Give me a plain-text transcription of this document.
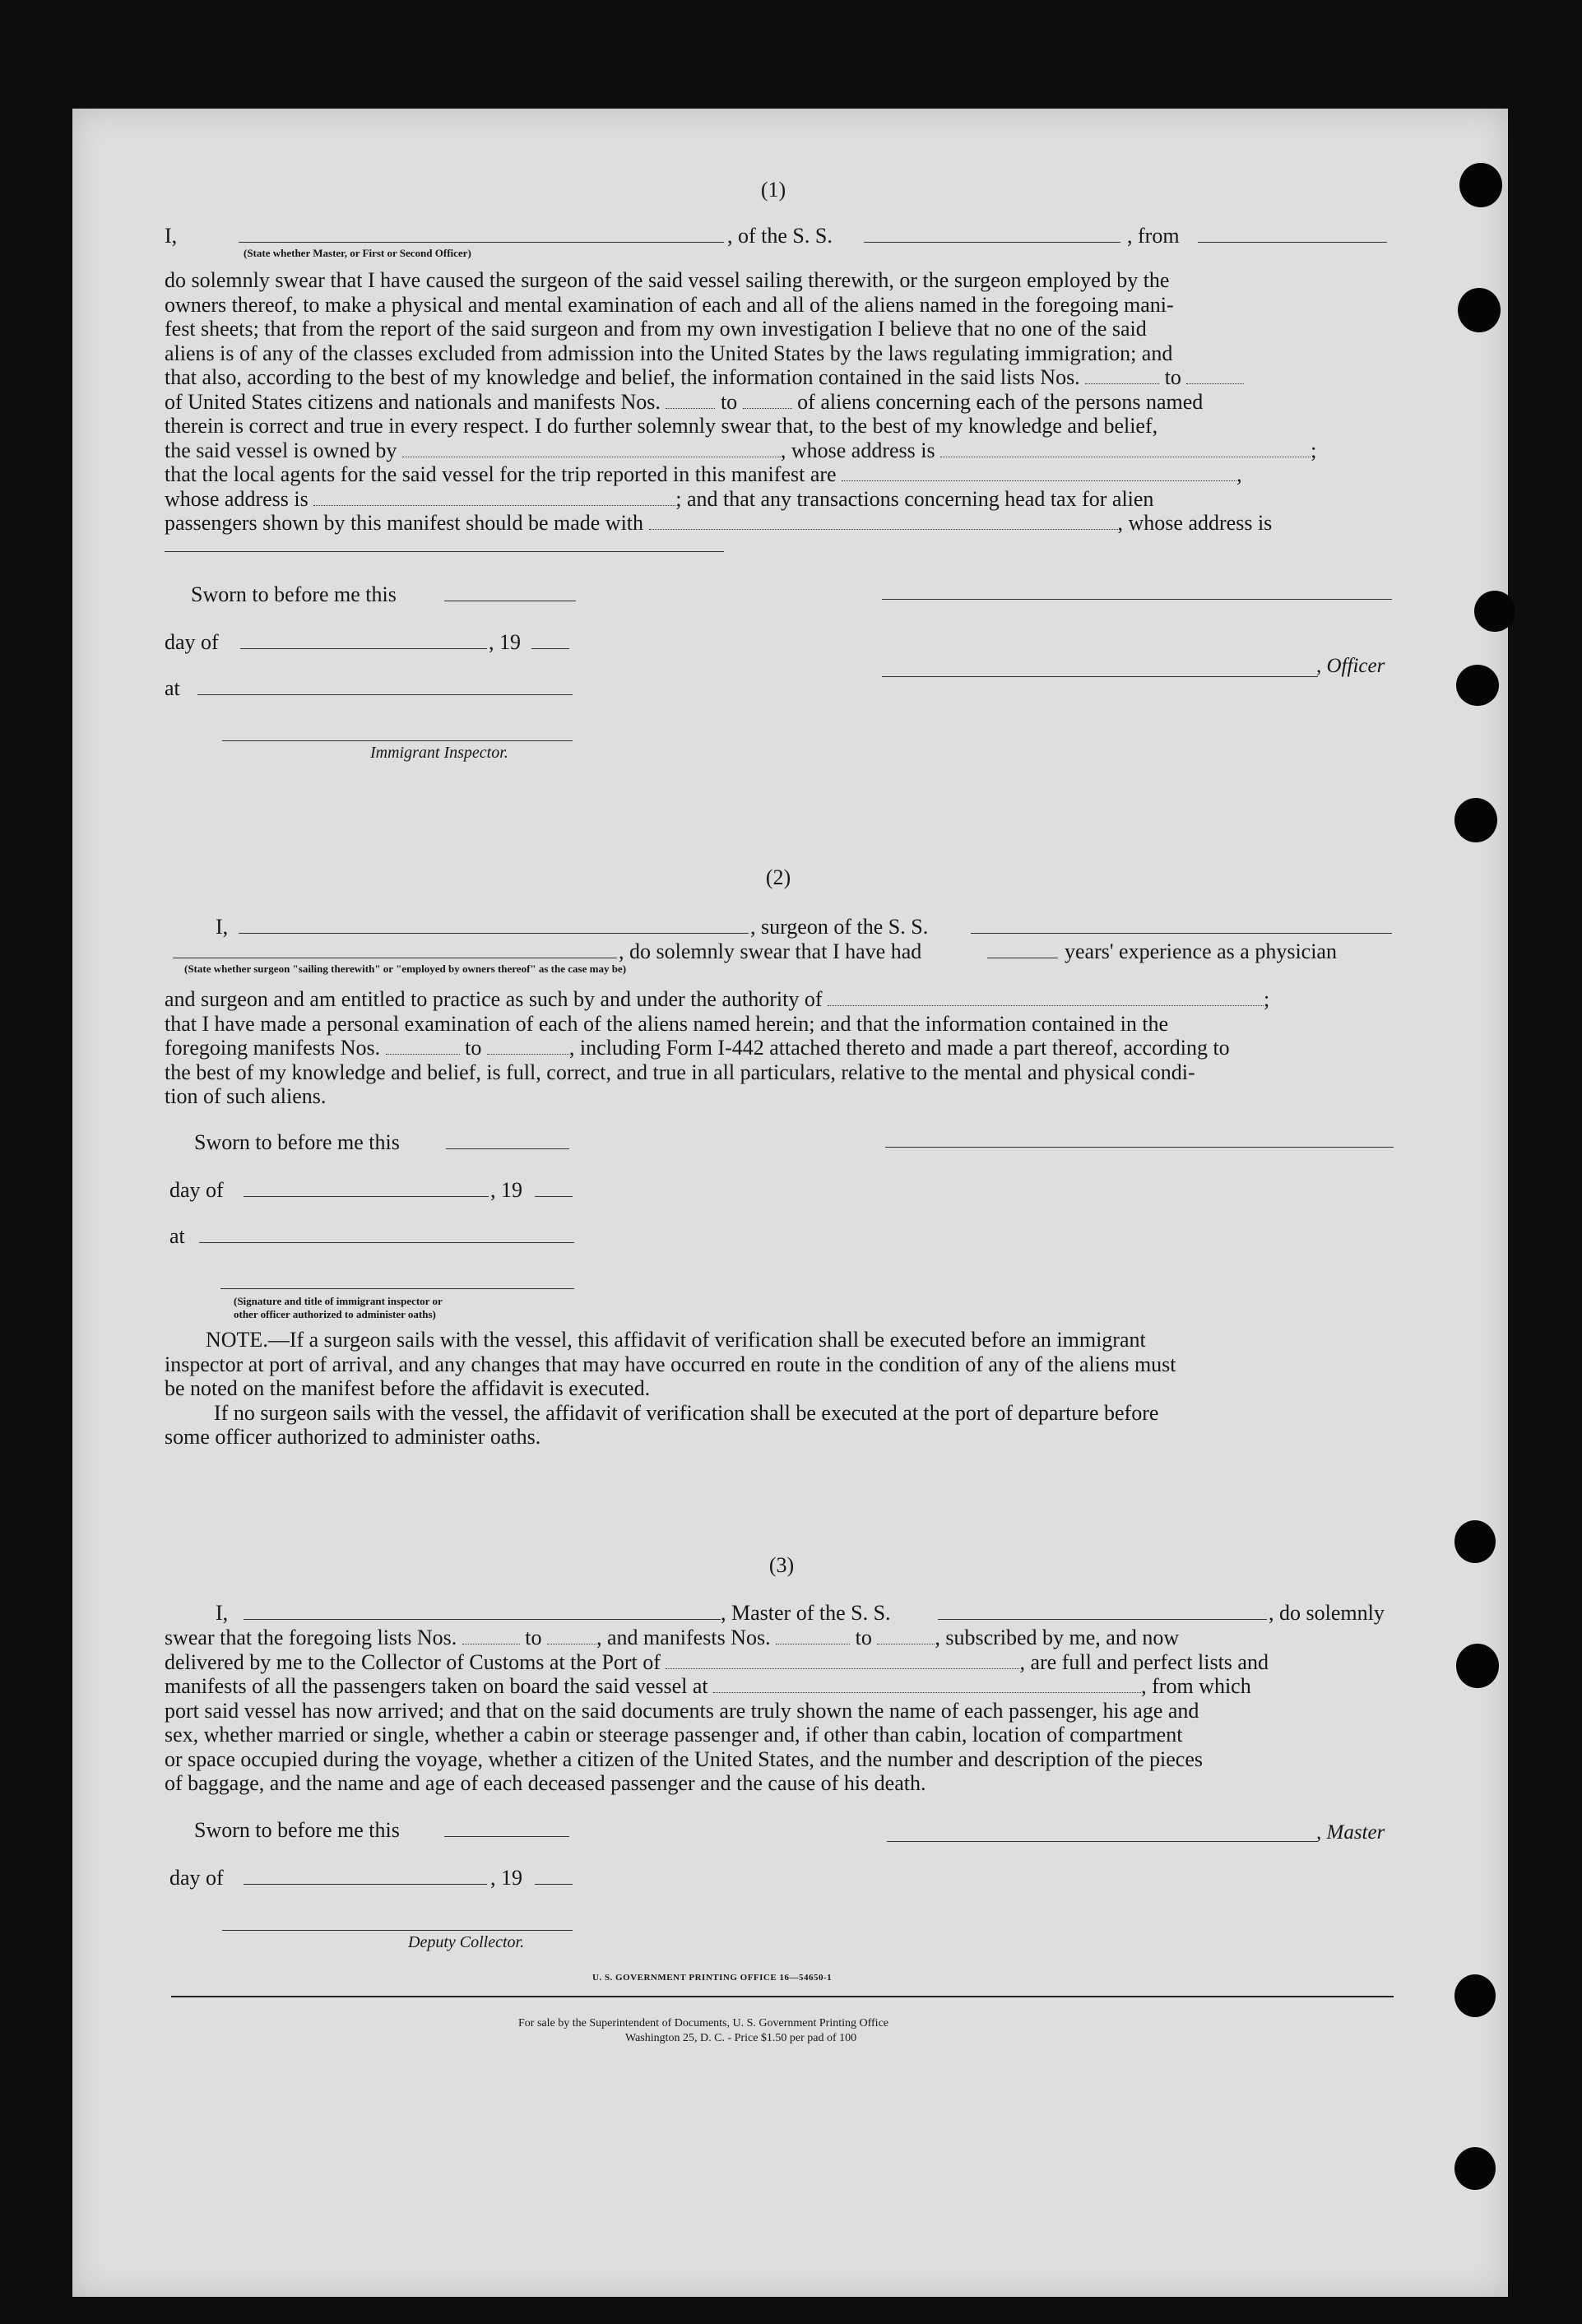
(1)
I,	, of the S. S.	, from
(State whether Master, or First or Second Officer)
do solemnly swear that I have caused the surgeon of the said vessel sailing therewith, or the surgeon employed by the
owners thereof, to make a physical and mental examination of each and all of the aliens named in the foregoing mani-
fest sheets; that from the report of the said surgeon and from my own investigation I believe that no one of the said
aliens is of any of the classes excluded from admission into the United States by the laws regulating immigration; and
that also, according to the best of my knowledge and belief, the information contained in the said lists Nos.	to
of United States citizens and nationals and manifests Nos.	to	of aliens concerning each of the persons named
therein is correct and true in every respect. I do further solemnly swear that, to the best of my knowledge and belief,
the said vessel is owned by	, whose address is	;
that the local agents for the said vessel for the trip reported in this manifest are	,
whose address is	; and that any transactions concerning head tax for alien
passengers shown by this manifest should be made with	, whose address is
Sworn to before me this
day of	, 19
, Officer
at
Immigrant Inspector.
(2)
I,	, surgeon of the S. S.
, do solemnly swear that I have had	years' experience as a physician
(State whether surgeon "sailing therewith" or "employed by owners thereof" as the case may be)
and surgeon and am entitled to practice as such by and under the authority of	;
that I have made a personal examination of each of the aliens named herein; and that the information contained in the
foregoing manifests Nos.	to	, including Form I-442 attached thereto and made a part thereof, according to
the best of my knowledge and belief, is full, correct, and true in all particulars, relative to the mental and physical condi-
tion of such aliens.
Sworn to before me this
day of	, 19
at
(Signature and title of immigrant inspector or
other officer authorized to administer oaths)
NOTE.—If a surgeon sails with the vessel, this affidavit of verification shall be executed before an immigrant
inspector at port of arrival, and any changes that may have occurred en route in the condition of any of the aliens must
be noted on the manifest before the affidavit is executed.
If no surgeon sails with the vessel, the affidavit of verification shall be executed at the port of departure before
some officer authorized to administer oaths.
(3)
I,	, Master of the S. S.	, do solemnly
swear that the foregoing lists Nos.	to	, and manifests Nos.	to	, subscribed by me, and now
delivered by me to the Collector of Customs at the Port of	, are full and perfect lists and
manifests of all the passengers taken on board the said vessel at	, from which
port said vessel has now arrived; and that on the said documents are truly shown the name of each passenger, his age and
sex, whether married or single, whether a cabin or steerage passenger and, if other than cabin, location of compartment
or space occupied during the voyage, whether a citizen of the United States, and the number and description of the pieces
of baggage, and the name and age of each deceased passenger and the cause of his death.
Sworn to before me this	, Master
day of	, 19
Deputy Collector.
U. S. GOVERNMENT PRINTING OFFICE 16—54650-1
For sale by the Superintendent of Documents, U. S. Government Printing Office
Washington 25, D. C. - Price $1.50 per pad of 100
